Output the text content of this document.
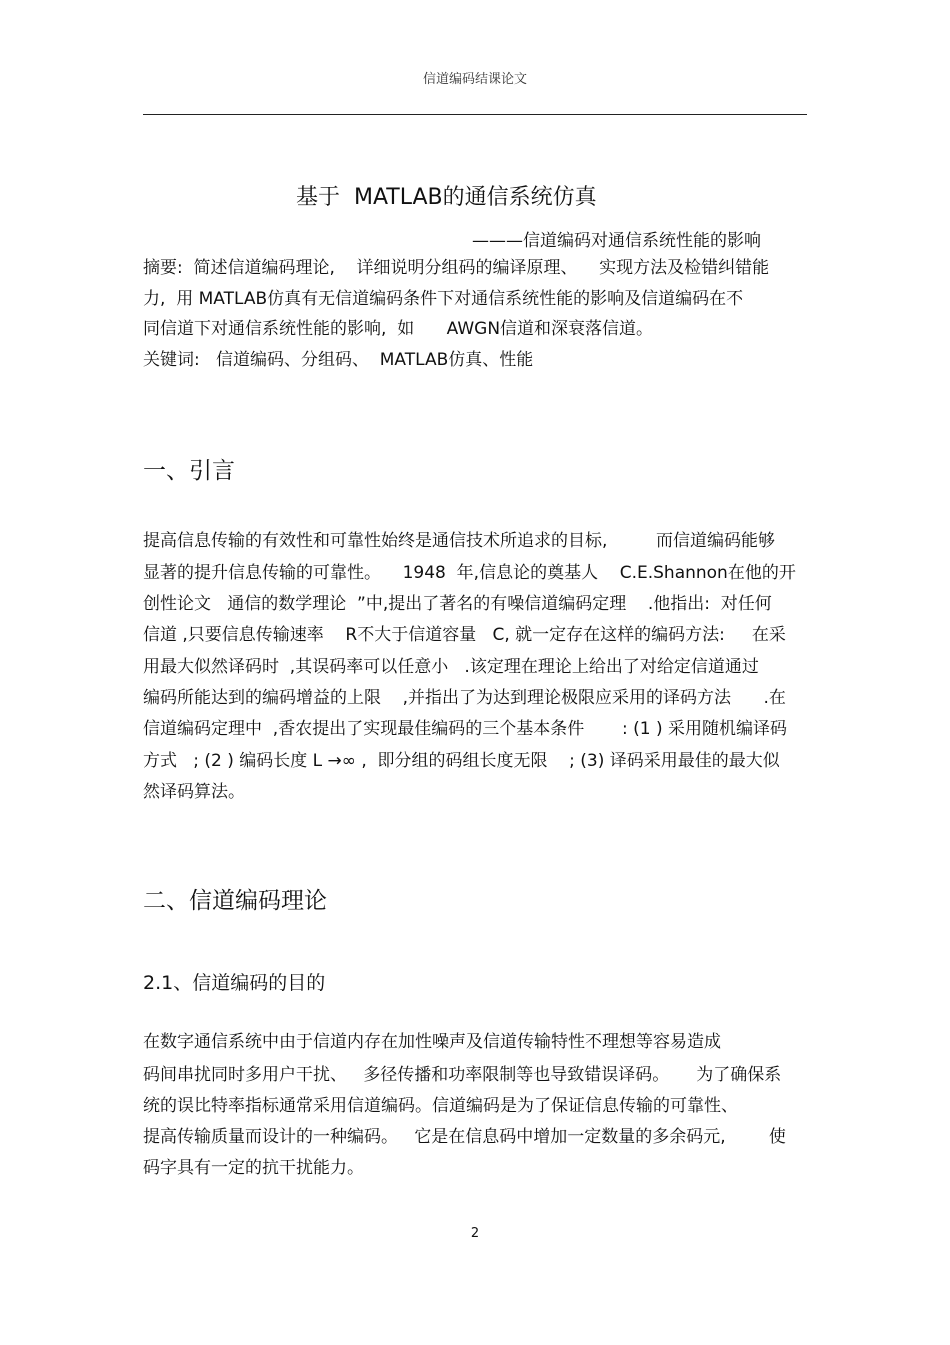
信道编码结课论文
基于  MATLAB的通信系统仿真
———信道编码对通信系统性能的影响
摘要:  简述信道编码理论,    详细说明分组码的编译原理、    实现方法及检错纠错能
力,  用 MATLAB仿真有无信道编码条件下对通信系统性能的影响及信道编码在不
同信道下对通信系统性能的影响,  如      AWGN信道和深衰落信道。
关键词:   信道编码、分组码、  MATLAB仿真、性能
一、引言
提高信息传输的有效性和可靠性始终是通信技术所追求的目标,         而信道编码能够
显著的提升信息传输的可靠性。    1948  年,信息论的奠基人    C.E.Shannon在他的开
创性论文   通信的数学理论  ”中,提出了著名的有噪信道编码定理    .他指出:  对任何
信道 ,只要信息传输速率    R不大于信道容量   C, 就一定存在这样的编码方法:     在采
用最大似然译码时  ,其误码率可以任意小   .该定理在理论上给出了对给定信道通过
编码所能达到的编码增益的上限    ,并指出了为达到理论极限应采用的译码方法      .在
信道编码定理中  ,香农提出了实现最佳编码的三个基本条件       : (1 ) 采用随机编译码
方式   ; (2 ) 编码长度 L →∞ ,  即分组的码组长度无限    ; (3) 译码采用最佳的最大似
然译码算法。
二、信道编码理论
2.1、信道编码的目的
在数字通信系统中由于信道内存在加性噪声及信道传输特性不理想等容易造成
码间串扰同时多用户干扰、   多径传播和功率限制等也导致错误译码。     为了确保系
统的误比特率指标通常采用信道编码。信道编码是为了保证信息传输的可靠性、
提高传输质量而设计的一种编码。   它是在信息码中增加一定数量的多余码元,        使
码字具有一定的抗干扰能力。
2
